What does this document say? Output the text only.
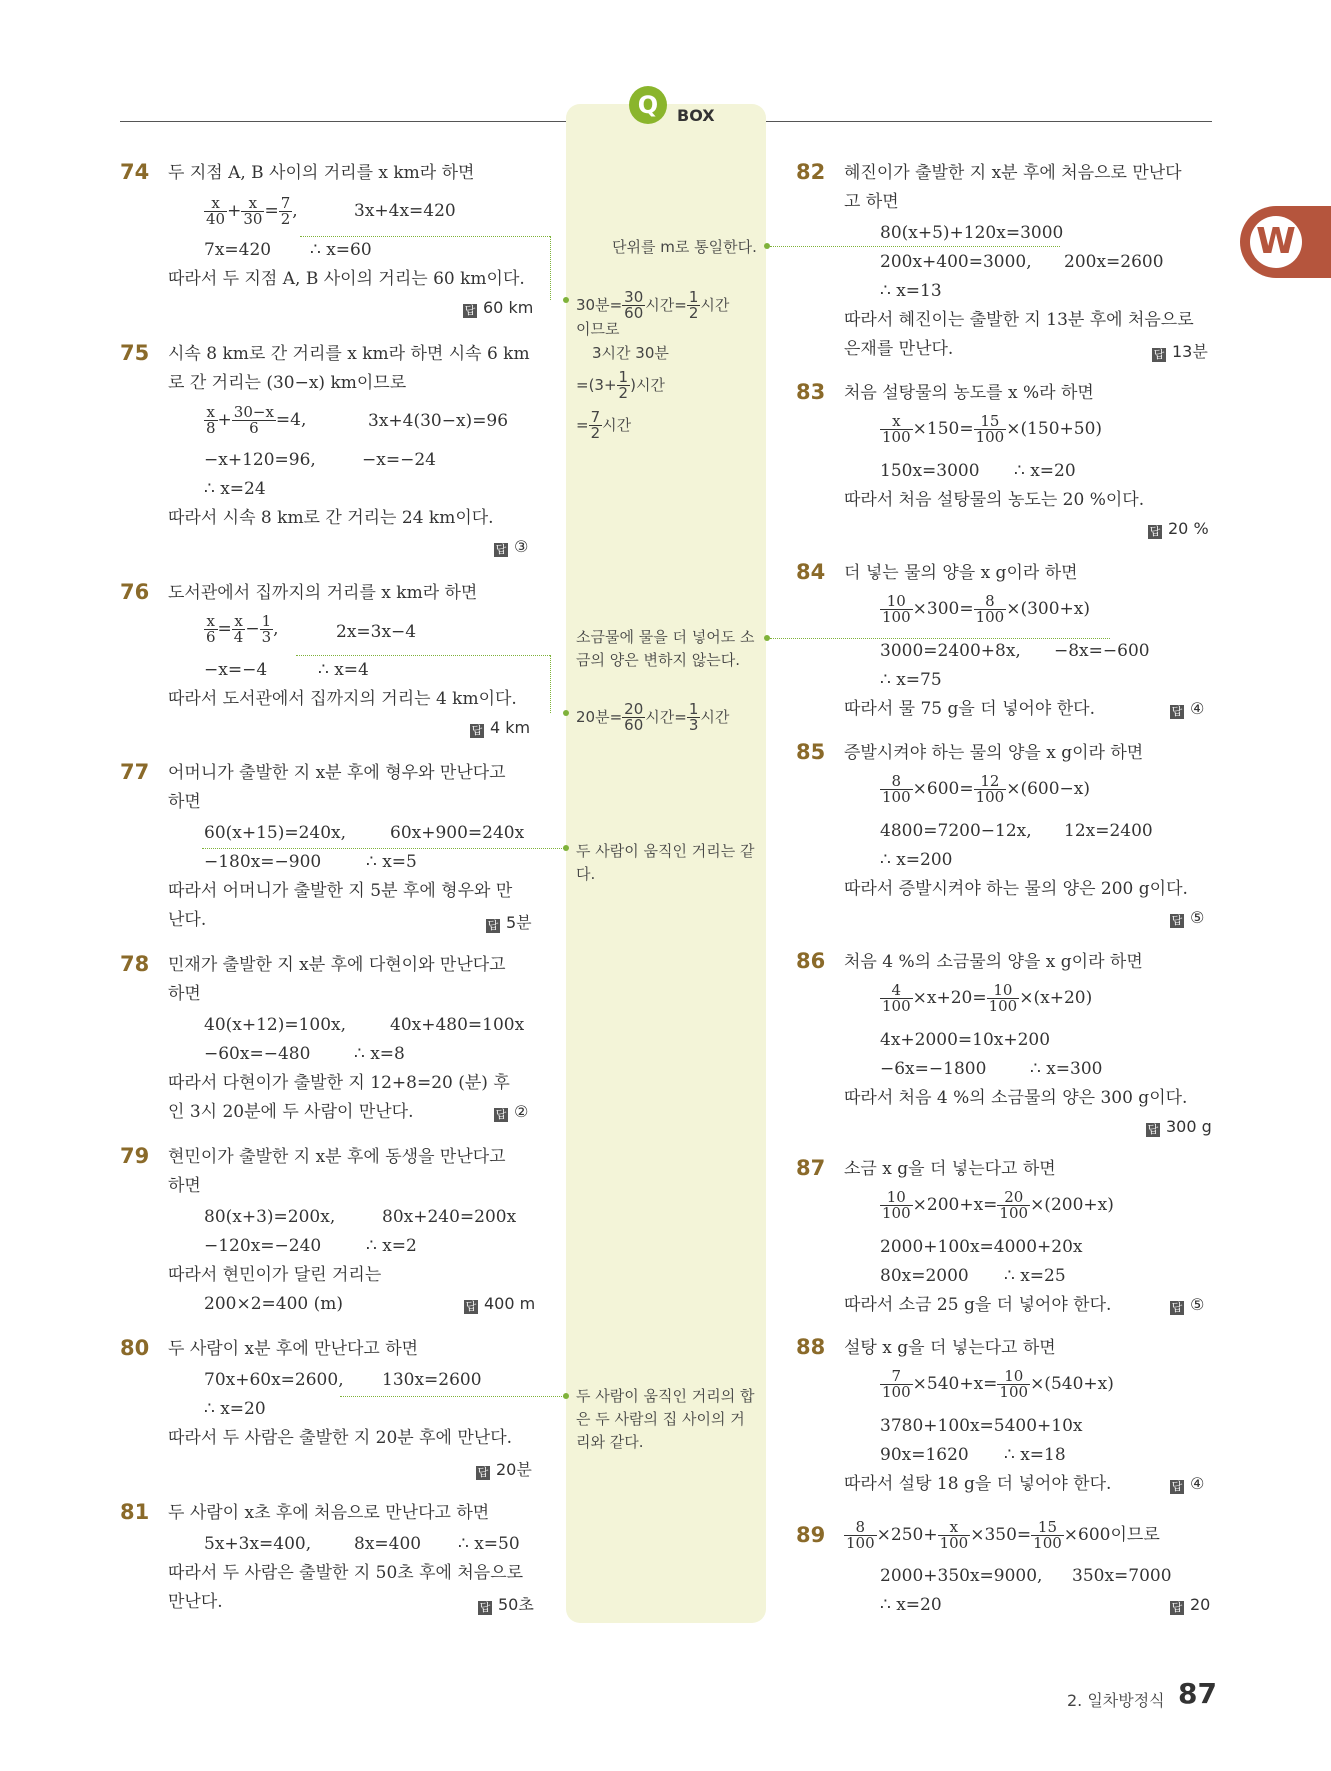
Q	BOX
W
단위를 m로 통일한다.
30분= $\frac{30}{60}$ 시간= $\frac{1}{2}$ 시간
이므로
3시간 30분
$=(3+ \frac{1}{2}$ )시간
= $\frac{7}{2}$ 시간
소금물에 물을 더 넣어도 소
금의 양은 변하지 않는다.
20분= $\frac{20}{60}$ 시간= $\frac{1}{3}$ 시간
두 사람이 움직인 거리는 같
다.
두 사람이 움직인 거리의 합
은 두 사람의 집 사이의 거
리와 같다.
74 두 지점 A, B 사이의 거리를 x km라 하면
$\frac{x}{40} + \frac{x}{30} = \frac{7}{2}$ ,	3x+4x=420
7x=420 ∴ x=60
따라서 두 지점 A, B 사이의 거리는 60 km이다.
답 60 km
75 시속 8 km로 간 거리를 x km라 하면 시속 6 km
로 간 거리는 (30−x) km이므로
$\frac{x}{8} + \frac{30-x}{6} =4$,	3x+4(30−x)=96
−x+120=96,	−x=−24
∴ x=24
따라서 시속 8 km로 간 거리는 24 km이다.
답 ③
76 도서관에서 집까지의 거리를 x km라 하면
$\frac{x}{6} = \frac{x}{4} - \frac{1}{3}$ ,	2x=3x−4
−x=−4	∴ x=4
따라서 도서관에서 집까지의 거리는 4 km이다.
답 4 km
77 어머니가 출발한 지 x분 후에 형우와 만난다고
하면
60(x+15)=240x,	60x+900=240x
−180x=−900	∴ x=5
따라서 어머니가 출발한 지 5분 후에 형우와 만
난다.	답 5분
78 민재가 출발한 지 x분 후에 다현이와 만난다고
하면
40(x+12)=100x,	40x+480=100x
−60x=−480	∴ x=8
따라서 다현이가 출발한 지 12+8=20 (분) 후
인 3시 20분에 두 사람이 만난다.	답 ②
79 현민이가 출발한 지 x분 후에 동생을 만난다고
하면
80(x+3)=200x,	80x+240=200x
−120x=−240	∴ x=2
따라서 현민이가 달린 거리는
200×2=400 (m)	답 400 m
80 두 사람이 x분 후에 만난다고 하면
70x+60x=2600, 130x=2600
∴ x=20
따라서 두 사람은 출발한 지 20분 후에 만난다.
답 20분
81 두 사람이 x초 후에 처음으로 만난다고 하면
5x+3x=400,	8x=400 ∴ x=50
따라서 두 사람은 출발한 지 50초 후에 처음으로
만난다.	답 50초
82 혜진이가 출발한 지 x분 후에 처음으로 만난다
고 하면
80(x+5)+120x=3000
200x+400=3000, 200x=2600
∴ x=13
따라서 혜진이는 출발한 지 13분 후에 처음으로
은재를 만난다.	답 13분
83 처음 설탕물의 농도를 x %라 하면
$\frac{x}{100} \times 150= \frac{15}{100} \times(150+50)$
150x=3000 ∴ x=20
따라서 처음 설탕물의 농도는 20 %이다.
답 20 %
84 더 넣는 물의 양을 x g이라 하면
$\frac{10}{100} \times 300= \frac{8}{100} \times(300+x)$
3000=2400+8x, −8x=−600
∴ x=75
따라서 물 75 g을 더 넣어야 한다.	답 ④
85 증발시켜야 하는 물의 양을 x g이라 하면
$\frac{8}{100} \times 600= \frac{12}{100} \times(600-x)$
4800=7200−12x, 12x=2400
∴ x=200
따라서 증발시켜야 하는 물의 양은 200 g이다.
답 ⑤
86 처음 4 %의 소금물의 양을 x g이라 하면
$\frac{4}{100} \times x+20= \frac{10}{100} \times(x+20)$
4x+2000=10x+200
−6x=−1800	∴ x=300
따라서 처음 4 %의 소금물의 양은 300 g이다.
답 300 g
87 소금 x g을 더 넣는다고 하면
$\frac{10}{100} \times 200+x= \frac{20}{100} \times(200+x)$
2000+100x=4000+20x
80x=2000 ∴ x=25
따라서 소금 25 g을 더 넣어야 한다.	답 ⑤
88 설탕 x g을 더 넣는다고 하면
$\frac{7}{100} \times 540+x= \frac{10}{100} \times(540+x)$
3780+100x=5400+10x
90x=1620 ∴ x=18
따라서 설탕 18 g을 더 넣어야 한다.	답 ④
$89 \frac{8}{100} \times 250+ \frac{x}{100} \times 350= \frac{15}{100} \times 600$이므로
2000+350x=9000, 350x=7000
∴ x=20	답 20
2. 일차방정식 87
